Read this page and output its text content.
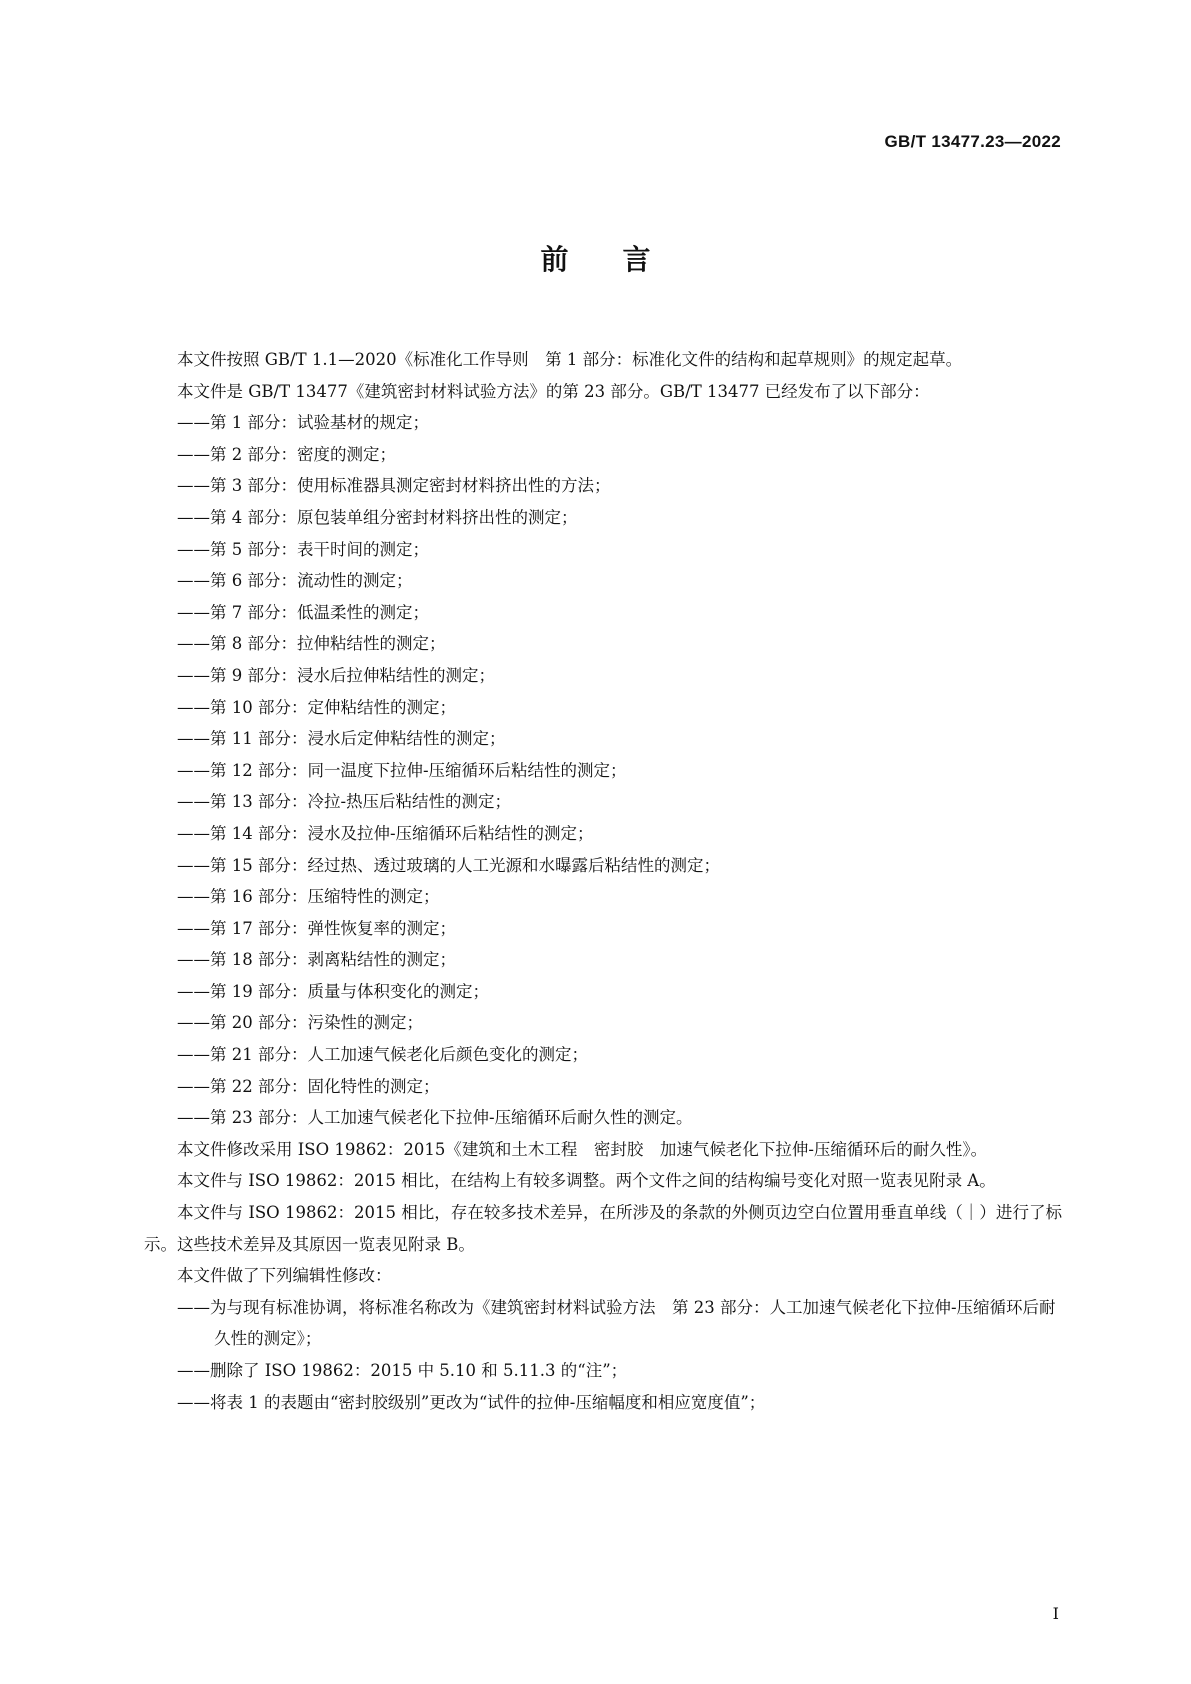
GB/T 13477.23—2022
前言

本文件按照 GB/T 1.1—2020《标准化工作导则　第 1 部分：标准化文件的结构和起草规则》的规定起草。

本文件是 GB/T 13477《建筑密封材料试验方法》的第 23 部分。GB/T 13477 已经发布了以下部分：

——第 1 部分：试验基材的规定；

——第 2 部分：密度的测定；

——第 3 部分：使用标准器具测定密封材料挤出性的方法；

——第 4 部分：原包装单组分密封材料挤出性的测定；

——第 5 部分：表干时间的测定；

——第 6 部分：流动性的测定；

——第 7 部分：低温柔性的测定；

——第 8 部分：拉伸粘结性的测定；

——第 9 部分：浸水后拉伸粘结性的测定；

——第 10 部分：定伸粘结性的测定；

——第 11 部分：浸水后定伸粘结性的测定；

——第 12 部分：同一温度下拉伸-压缩循环后粘结性的测定；

——第 13 部分：冷拉-热压后粘结性的测定；

——第 14 部分：浸水及拉伸-压缩循环后粘结性的测定；

——第 15 部分：经过热、透过玻璃的人工光源和水曝露后粘结性的测定；

——第 16 部分：压缩特性的测定；

——第 17 部分：弹性恢复率的测定；

——第 18 部分：剥离粘结性的测定；

——第 19 部分：质量与体积变化的测定；

——第 20 部分：污染性的测定；

——第 21 部分：人工加速气候老化后颜色变化的测定；

——第 22 部分：固化特性的测定；

——第 23 部分：人工加速气候老化下拉伸-压缩循环后耐久性的测定。

本文件修改采用 ISO 19862：2015《建筑和土木工程　密封胶　加速气候老化下拉伸-压缩循环后的耐久性》。

本文件与 ISO 19862：2015 相比，在结构上有较多调整。两个文件之间的结构编号变化对照一览表见附录 A。

本文件与 ISO 19862：2015 相比，存在较多技术差异，在所涉及的条款的外侧页边空白位置用垂直单线（｜）进行了标示。这些技术差异及其原因一览表见附录 B。

本文件做了下列编辑性修改：

——为与现有标准协调，将标准名称改为《建筑密封材料试验方法　第 23 部分：人工加速气候老化下拉伸-压缩循环后耐久性的测定》；

——删除了 ISO 19862：2015 中 5.10 和 5.11.3 的“注”；

——将表 1 的表题由“密封胶级别”更改为“试件的拉伸-压缩幅度和相应宽度值”；

Ⅰ
